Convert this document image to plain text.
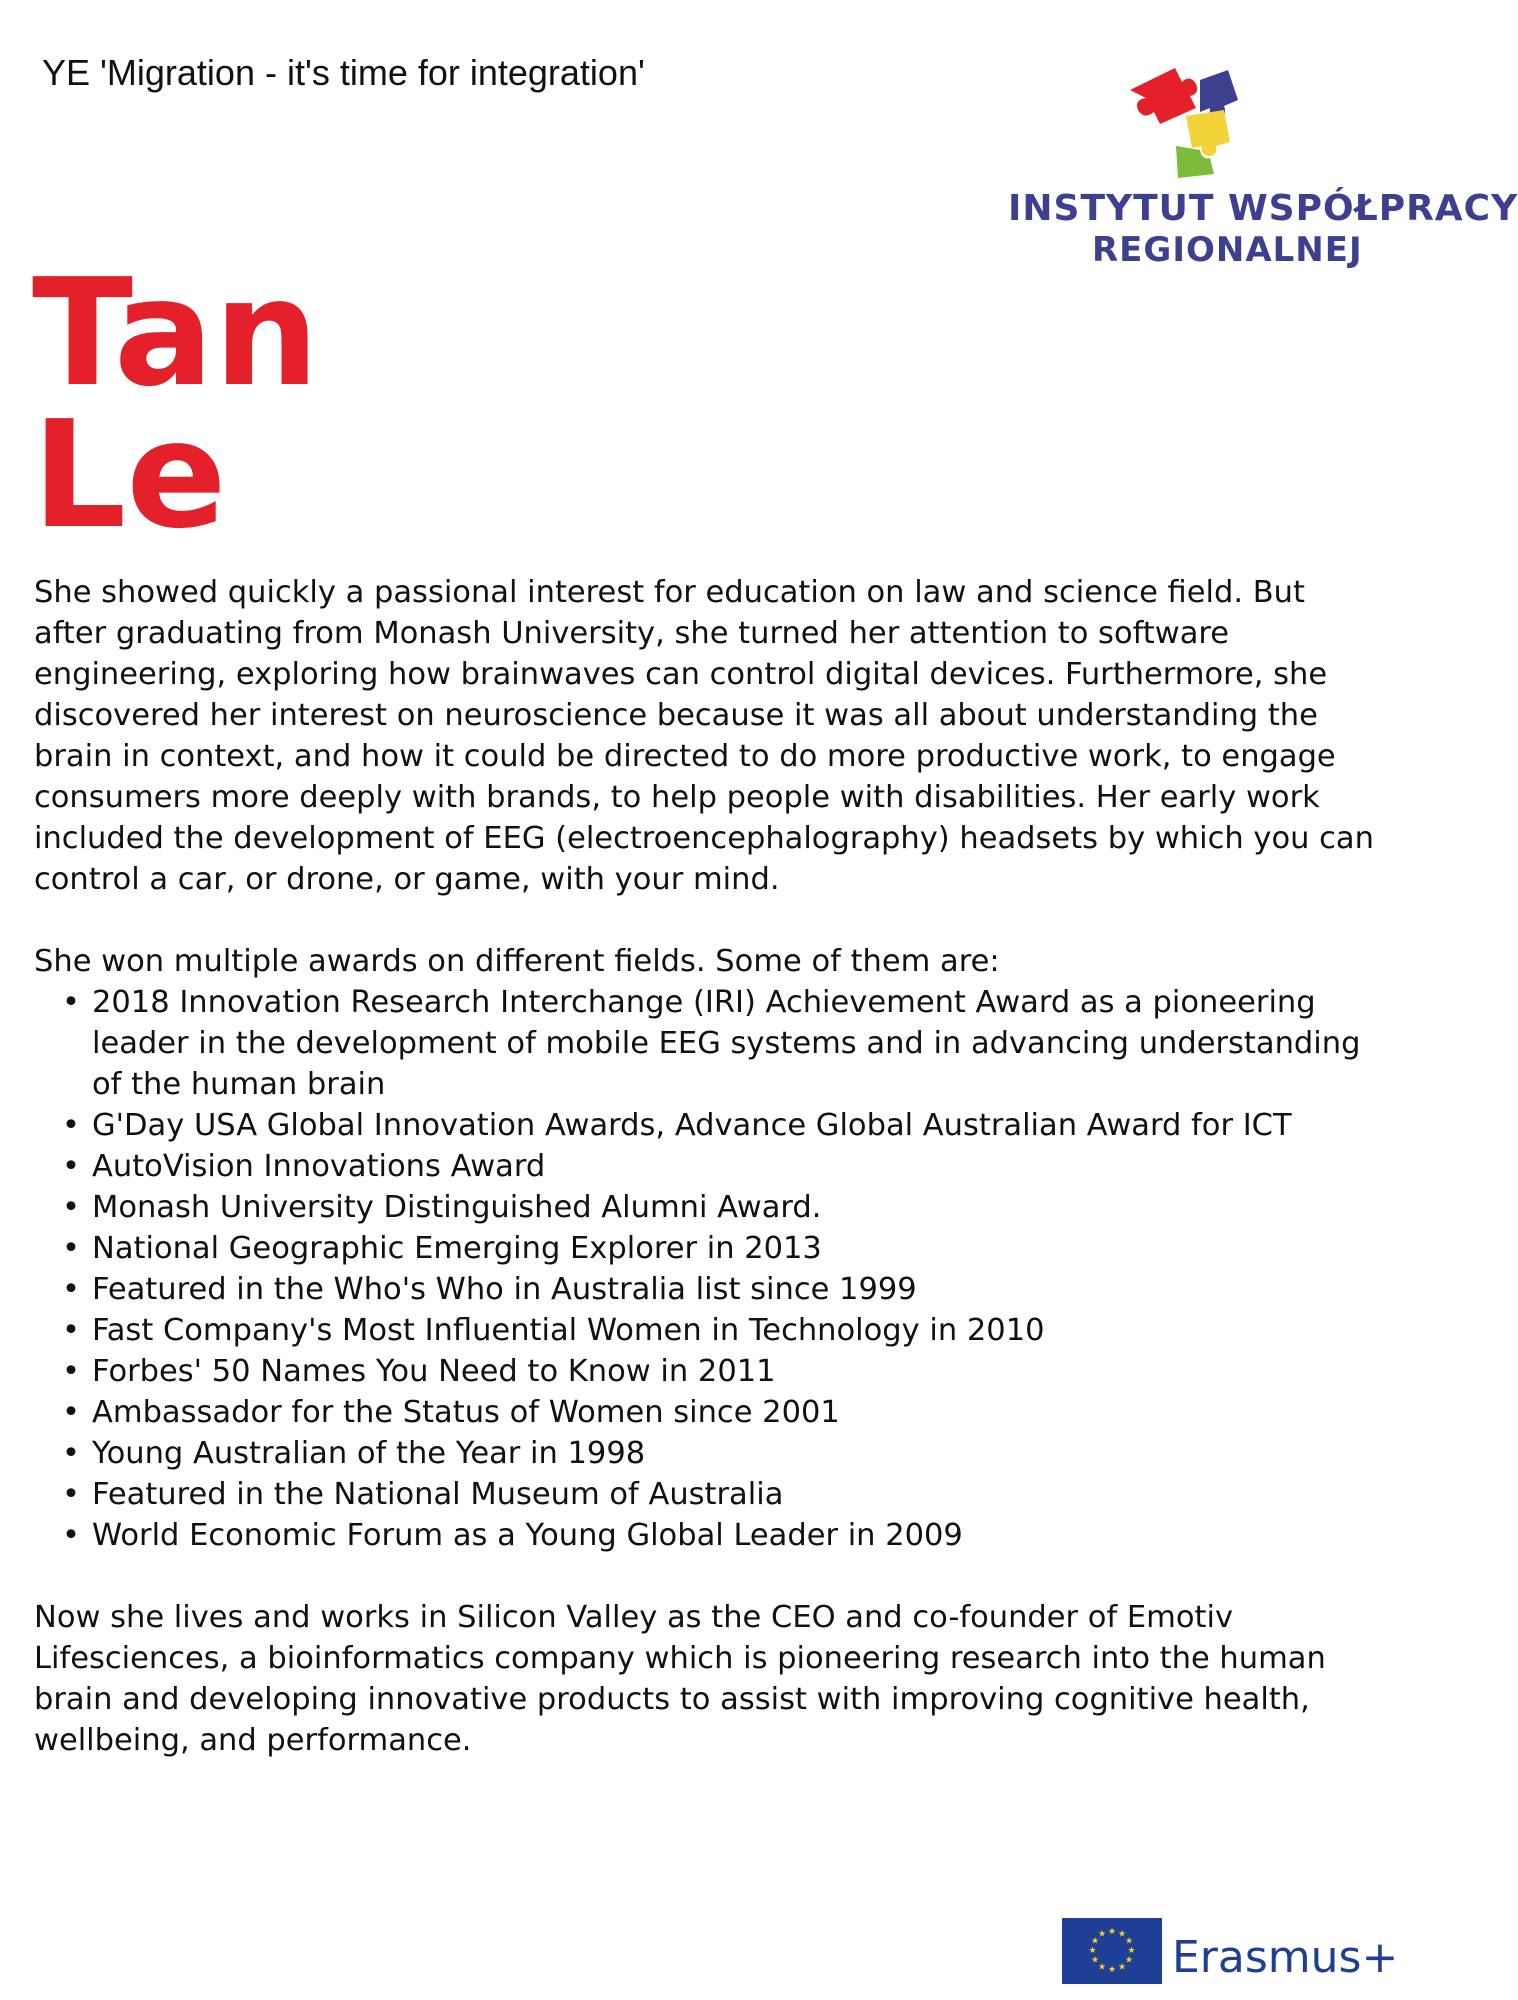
YE 'Migration - it's time for integration'
INSTYTUT WSPÓŁPRACY
REGIONALNEJ
Tan
Le

She showed quickly a passional interest for education on law and science field. But after graduating from Monash University, she turned her attention to software engineering, exploring how brainwaves can control digital devices. Furthermore, she discovered her interest on neuroscience because it was all about understanding the brain in context, and how it could be directed to do more productive work, to engage consumers more deeply with brands, to help people with disabilities. Her early work included the development of EEG (electroencephalography) headsets by which you can control a car, or drone, or game, with your mind.

She won multiple awards on different fields. Some of them are:

• 2018 Innovation Research Interchange (IRI) Achievement Award as a pioneering leader in the development of mobile EEG systems and in advancing understanding of the human brain
• G'Day USA Global Innovation Awards, Advance Global Australian Award for ICT
• AutoVision Innovations Award
• Monash University Distinguished Alumni Award.
• National Geographic Emerging Explorer in 2013
• Featured in the Who's Who in Australia list since 1999
• Fast Company's Most Influential Women in Technology in 2010
• Forbes' 50 Names You Need to Know in 2011
• Ambassador for the Status of Women since 2001
• Young Australian of the Year in 1998
• Featured in the National Museum of Australia
• World Economic Forum as a Young Global Leader in 2009

Now she lives and works in Silicon Valley as the CEO and co-founder of Emotiv Lifesciences, a bioinformatics company which is pioneering research into the human brain and developing innovative products to assist with improving cognitive health, wellbeing, and performance.

★ ★
★
★
★
★
★
★
★
★
★
★ Erasmus+
